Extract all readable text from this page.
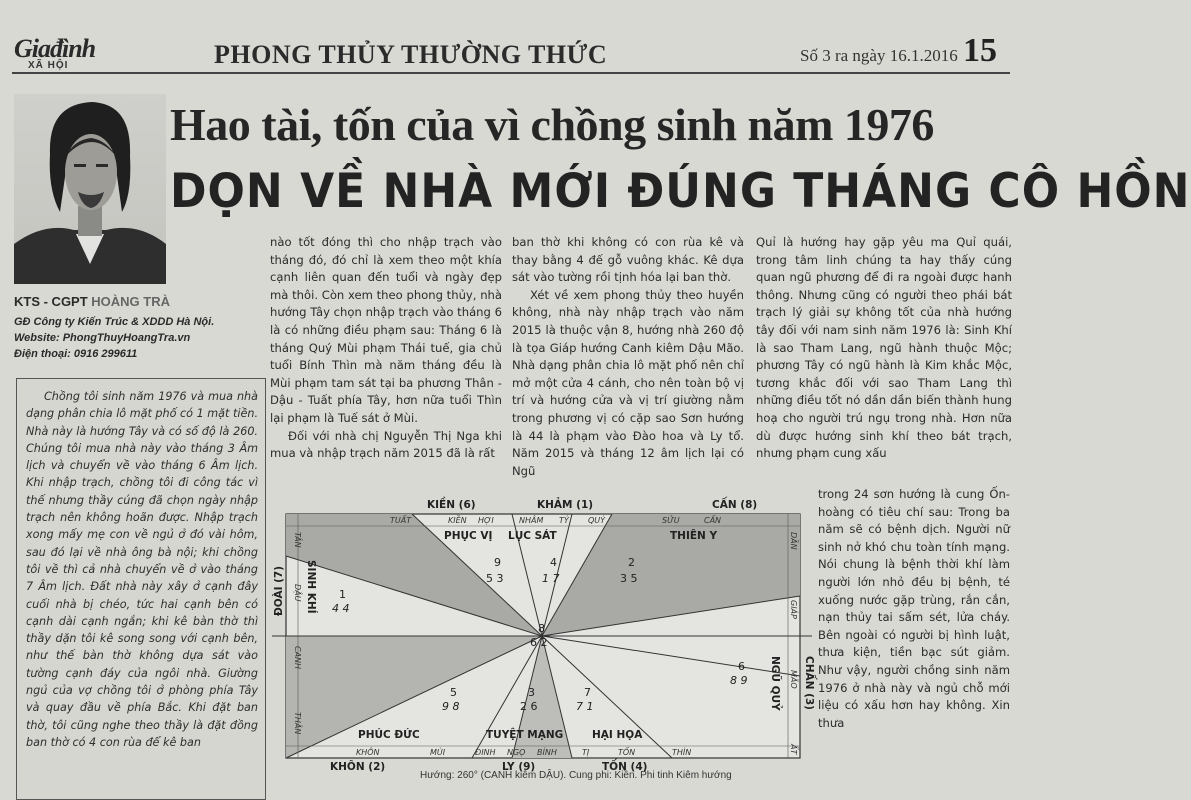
Giađình
XÃ HỘI	PHONG THỦY THƯỜNG THỨC	Số 3 ra ngày 16.1.2016 15
Hao tài, tốn của vì chồng sinh năm 1976
DỌN VỀ NHÀ MỚI ĐÚNG THÁNG CÔ HỒN
KTS - CGPT HOÀNG TRÀ
GĐ Công ty Kiến Trúc & XDDD Hà Nội.
Website: PhongThuyHoangTra.vn
Điện thoại: 0916 299611
Chồng tôi sinh năm 1976 và mua nhà dạng phân chia lô mặt phố có 1 mặt tiền. Nhà này là hướng Tây và có số độ là 260. Chúng tôi mua nhà này vào tháng 3 Âm lịch và chuyển về vào tháng 6 Âm lịch. Khi nhập trạch, chồng tôi đi công tác vì thế nhưng thầy cúng đã chọn ngày nhập trạch nên không hoãn được. Nhập trạch xong mấy mẹ con về ngủ ở đó vài hôm, sau đó lại về nhà ông bà nội; khi chồng tôi về thì cả nhà chuyển về ở vào tháng 7 Âm lịch. Đất nhà này xây ở cạnh đây cuối nhà bị chéo, tức hai cạnh bên có cạnh dài cạnh ngắn; khi kê bàn thờ thì thầy dặn tôi kê song song với cạnh bên, như thế bàn thờ không dựa sát vào tường cạnh đáy của ngôi nhà. Giường ngủ của vợ chồng tôi ở phòng phía Tây và quay đầu về phía Bắc. Khi đặt ban thờ, tôi cũng nghe theo thầy là đặt đồng ban thờ có 4 con rùa để kê ban
nào tốt đóng thì cho nhập trạch vào tháng đó, đó chỉ là xem theo một khía cạnh liên quan đến tuổi và ngày đẹp mà thôi. Còn xem theo phong thủy, nhà hướng Tây chọn nhập trạch vào tháng 6 là có những điều phạm sau: Tháng 6 là tháng Quý Mùi phạm Thái tuế, gia chủ tuổi Bính Thìn mà năm tháng đều là Mùi phạm tam sát tại ba phương Thân - Dậu - Tuất phía Tây, hơn nữa tuổi Thìn lại phạm là Tuế sát ở Mùi.
Đối với nhà chị Nguyễn Thị Nga khi mua và nhập trạch năm 2015 đã là rất
ban thờ khi không có con rùa kê và thay bằng 4 đế gỗ vuông khác. Kê dựa sát vào tường rồi tịnh hóa lại ban thờ.
Xét về xem phong thủy theo huyền không, nhà này nhập trạch vào năm 2015 là thuộc vận 8, hướng nhà 260 độ là tọa Giáp hướng Canh kiêm Dậu Mão. Nhà dạng phân chia lô mặt phố nên chỉ mở một cửa 4 cánh, cho nên toàn bộ vị trí và hướng cửa và vị trí giường nằm trong phương vị có cặp sao Sơn hướng là 44 là phạm vào Đào hoa và Ly tổ. Năm 2015 và tháng 12 âm lịch lại có Ngũ
Quỉ là hướng hay gặp yêu ma Quỉ quái, trong tâm linh chúng ta hay thấy cúng quan ngũ phương để đi ra ngoài được hanh thông. Nhưng cũng có người theo phái bát trạch lý giải sự không tốt của nhà hướng tây đối với nam sinh năm 1976 là: Sinh Khí là sao Tham Lang, ngũ hành thuộc Mộc; phương Tây có ngũ hành là Kim khắc Mộc, tương khắc đối với sao Tham Lang thì những điều tốt nó dần dần biến thành hung hoạ cho người trú ngụ trong nhà. Hơn nữa dù được hướng sinh khí theo bát trạch, nhưng phạm cung xấu
trong 24 sơn hướng là cung Ốn-hoàng có tiêu chí sau: Trong ba năm sẽ có bệnh dịch. Người nữ sinh nở khó chu toàn tính mạng. Nói chung là bệnh thời khí làm người lớn nhỏ đều bị bệnh, té xuống nước gặp trùng, rắn cắn, nạn thủy tai sấm sét, lửa cháy. Bên ngoài có người bị hình luật, thưa kiện, tiền bạc sút giảm. Như vậy, người chồng sinh năm 1976 ở nhà này và ngủ chỗ mới liệu có xấu hơn hay không. Xin thưa
KIỀN (6)	KHẢM (1)	CẤN (8)
ĐOÀI (7)
CHẤN (3)
KHÔN (2)	LY (9)	TỐN (4)
TUẤT	KIỀN HỢI	NHÂM TÝ QUÝ	SỬU	CẤN
KHÔN	MÙI	ĐINH NGỌ BÍNH	TỊ	TỐN	THÌN
TÂN
DẬU
CANH
THÂN
DẦN
GIÁP
MÃO
ẤT
PHỤC VỊ LỤC SÁT	THIÊN Y
SINH KHÍ
NGŨ QUỶ
PHÚC ĐỨC	TUYỆT MẠNG	HẠI HỌA
9
5 3
4
1 7
2
3 5
1
4 4
8
6 2
6
8 9
5
9 8
3
2 6
7
7 1
Hướng: 260° (CANH kiêm DẬU). Cung phi: Kiền. Phi tinh Kiêm hướng
